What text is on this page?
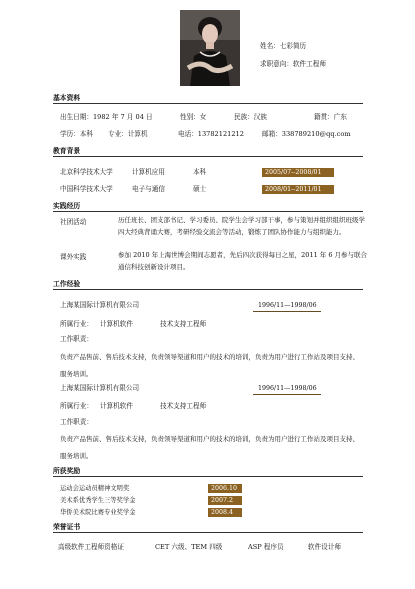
姓名：七彩简历
求职意向：软件工程师
基本资料
出生日期：1982 年 7 月 04 日	性别：女	民族：汉族	籍贯：广东
学历：本科 专业：计算机	电话：13782121212	邮箱：338789210@qq.com
教育背景
北京科学技术大学	计算机应用	本科	2005/07--2008/01
中国科学技术大学	电子与通信	硕士	2008/01--2011/01
实践经历
社团活动	历任班长、团支部书记、学习委员、院学生会学习部干事，参与策划并组织组织班级学四大经典背诵大赛，考研经验交流会等活动，锻炼了团队协作能力与组织能力。
课外实践	参加 2010 年上海世博会期间志愿者，先后四次获得每日之星，2011 年 6 月参与联合通信科技创新设计项目。
工作经验
上海某国际计算机有限公司	1996/11—1998/06
所属行业： 计算机软件	技术支持工程师
工作职责：
负责产品售前、售后技术支持，负责领导渠道和用户的技术的培训，负责为用户进行工作站及项目支持、服务培训。
上海某国际计算机有限公司	1996/11—1998/06
所属行业： 计算机软件	技术支持工程师
工作职责：
负责产品售前、售后技术支持，负责领导渠道和用户的技术的培训，负责为用户进行工作站及项目支持、服务培训。
所获奖励
运动会运动员精神文明奖	2006.10
美术系优秀学生三等奖学金	2007.2
华侨美术院比赛专业奖学金	2008.4
荣誉证书
高级软件工程师资格证	CET 六级、TEM 四级	ASP 程序员	软件设计师
